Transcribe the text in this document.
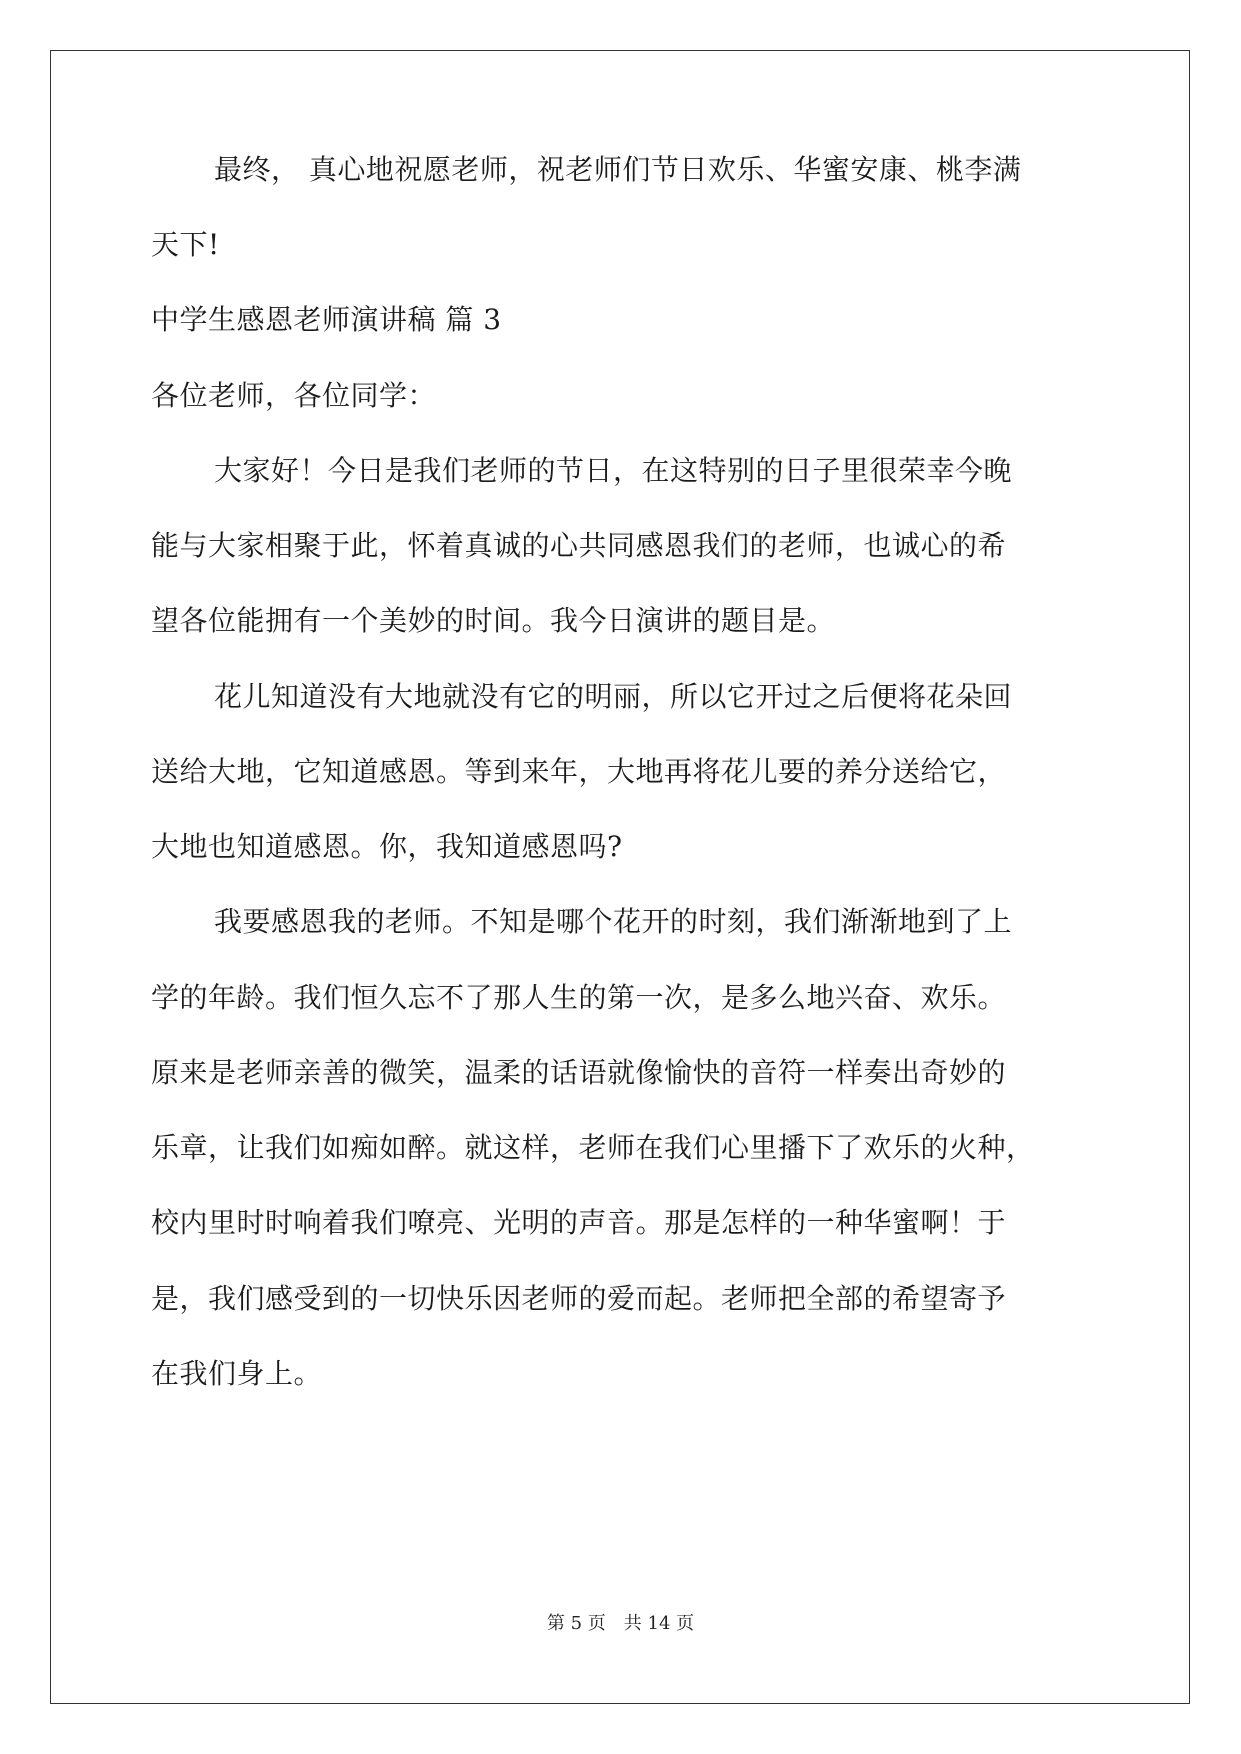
最终， 真心地祝愿老师，祝老师们节日欢乐、华蜜安康、桃李满
天下!
中学生感恩老师演讲稿 篇 3
各位老师，各位同学：
大家好！今日是我们老师的节日，在这特别的日子里很荣幸今晚
能与大家相聚于此，怀着真诚的心共同感恩我们的老师，也诚心的希
望各位能拥有一个美妙的时间。我今日演讲的题目是。
花儿知道没有大地就没有它的明丽，所以它开过之后便将花朵回
送给大地，它知道感恩。等到来年，大地再将花儿要的养分送给它，
大地也知道感恩。你，我知道感恩吗?
我要感恩我的老师。不知是哪个花开的时刻，我们渐渐地到了上
学的年龄。我们恒久忘不了那人生的第一次，是多么地兴奋、欢乐。
原来是老师亲善的微笑，温柔的话语就像愉快的音符一样奏出奇妙的
乐章，让我们如痴如醉。就这样，老师在我们心里播下了欢乐的火种，
校内里时时响着我们嘹亮、光明的声音。那是怎样的一种华蜜啊！于
是，我们感受到的一切快乐因老师的爱而起。老师把全部的希望寄予
在我们身上。
第 5 页 共 14 页
